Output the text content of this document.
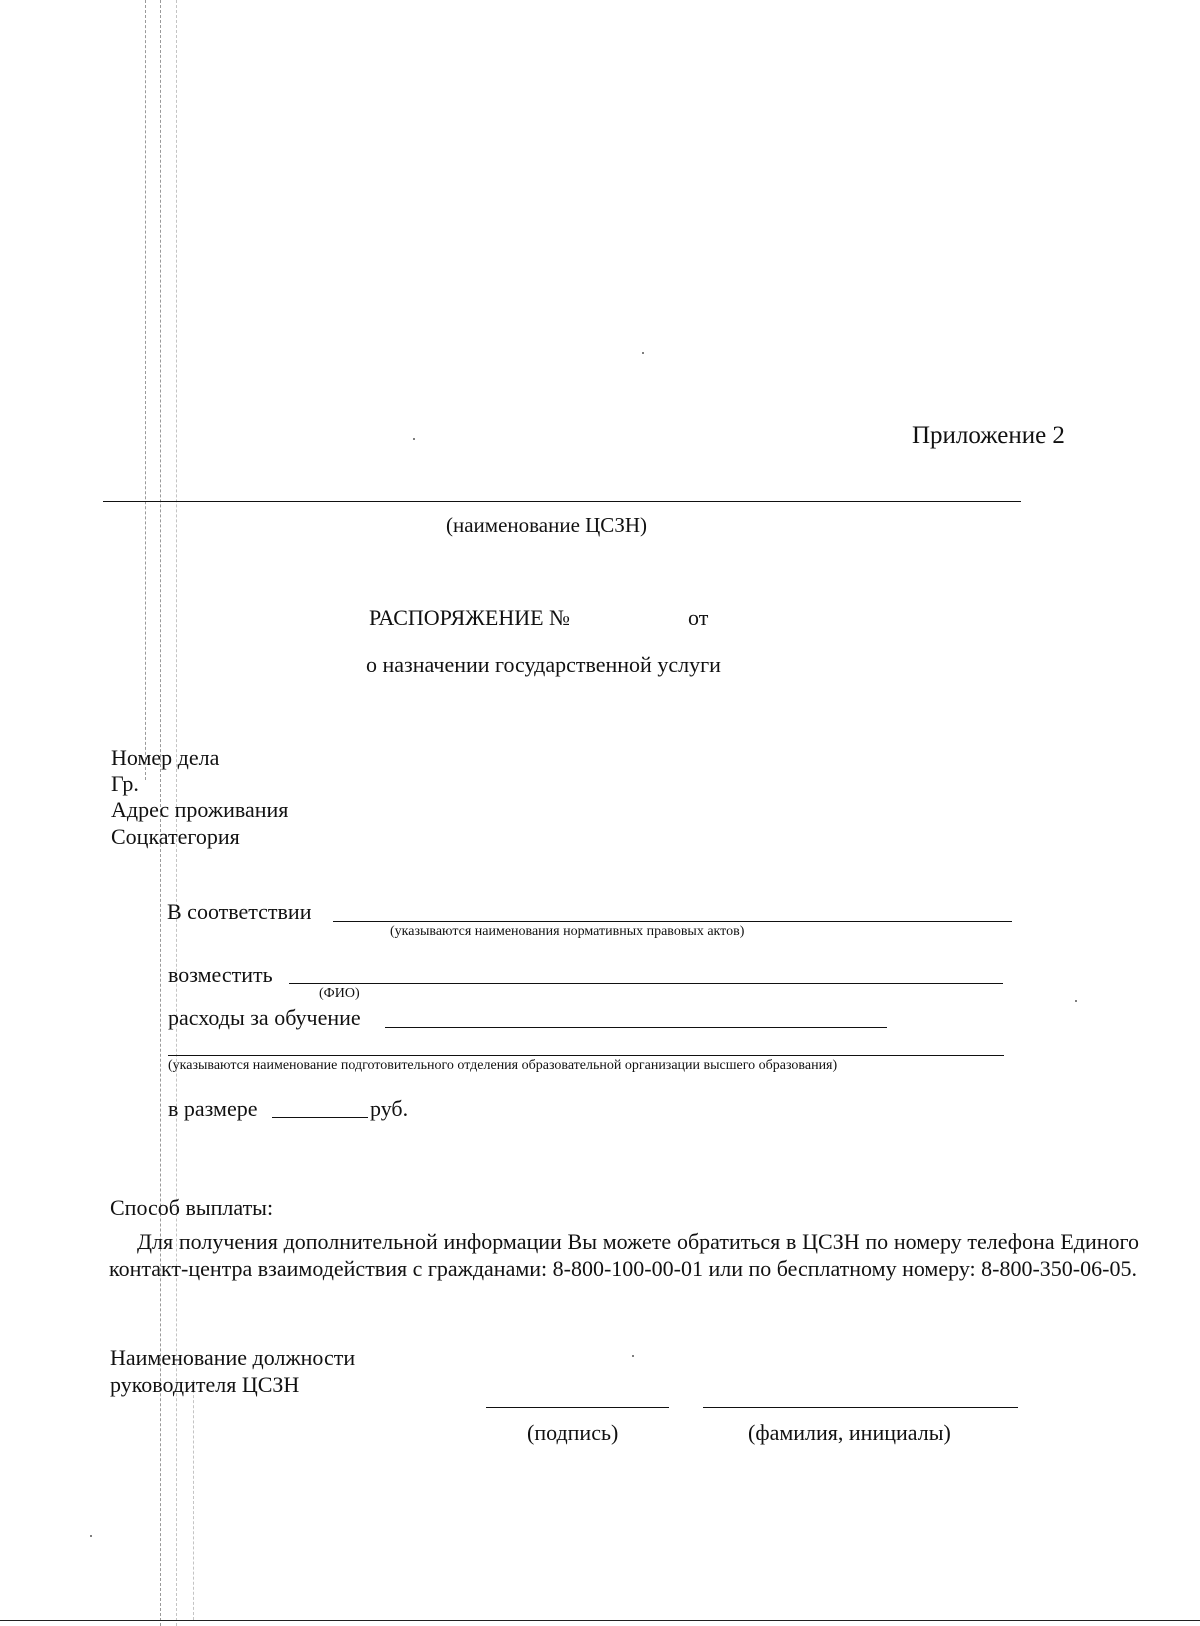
Приложение 2
(наименование ЦСЗН)
РАСПОРЯЖЕНИЕ №	от
о назначении государственной услуги
Номер дела
Гр.
Адрес проживания
Соцкатегория
В соответствии
(указываются наименования нормативных правовых актов)
возместить
(ФИО)
расходы за обучение
(указываются наименование подготовительного отделения образовательной организации высшего образования)
в размере	руб.
Способ выплаты:
Для получения дополнительной информации Вы можете обратиться в ЦСЗН по номеру телефона Единого контакт-центра взаимодействия с гражданами: 8-800-100-00-01 или по бесплатному номеру: 8-800-350-06-05.
Наименование должности
руководителя ЦСЗН
(подпись)	(фамилия, инициалы)
